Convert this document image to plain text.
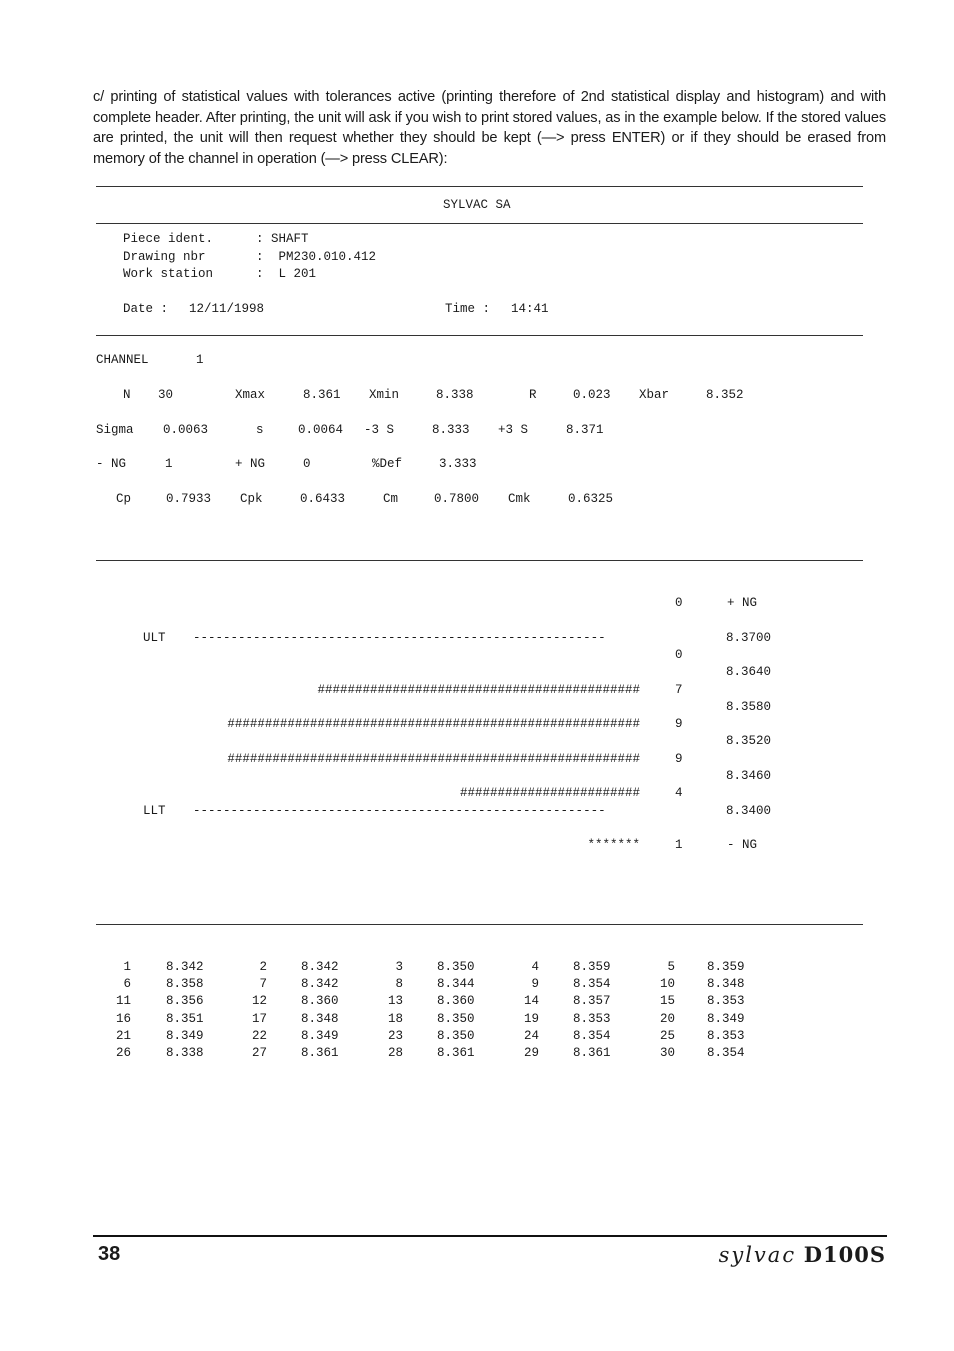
c/ printing of statistical values with tolerances active (printing therefore of 2nd statistical display and histogram) and with complete header. After printing, the unit will ask if you wish to print stored values, as in the example below. If the stored values are printed, the unit will then request whether they should be kept (—> press ENTER) or if they should be erased from memory of the channel in operation (—> press CLEAR):
SYLVAC SA
Piece ident.	: SHAFT
Drawing nbr	:  PM230.010.412
Work station	:  L 201
Date : 12/11/1998	Time : 14:41
CHANNEL	1
N 30	Xmax	8.361 Xmin	8.338	R	0.023 Xbar	8.352
Sigma 0.0063	s	0.0064 -3 S	8.333 +3 S	8.371
- NG	1	+ NG	0	%Def	3.333
Cp	0.7933 Cpk	0.6433	Cm	0.7800 Cmk	0.6325
0	+ NG
ULT -------------------------------------------------------	8.3700
0
8.3640
###########################################	7
8.3580
#######################################################	9
8.3520
#######################################################	9
8.3460
########################	4
LLT -------------------------------------------------------	8.3400
*******	1	- NG
1	8.342	2	8.342	3	8.350	4	8.359	5	8.359
6	8.358	7	8.342	8	8.344	9	8.354	10	8.348
11	8.356	12	8.360	13	8.360	14	8.357	15	8.353
16	8.351	17	8.348	18	8.350	19	8.353	20	8.349
21	8.349	22	8.349	23	8.350	24	8.354	25	8.353
26	8.338	27	8.361	28	8.361	29	8.361	30	8.354
38	sylvac D100S
